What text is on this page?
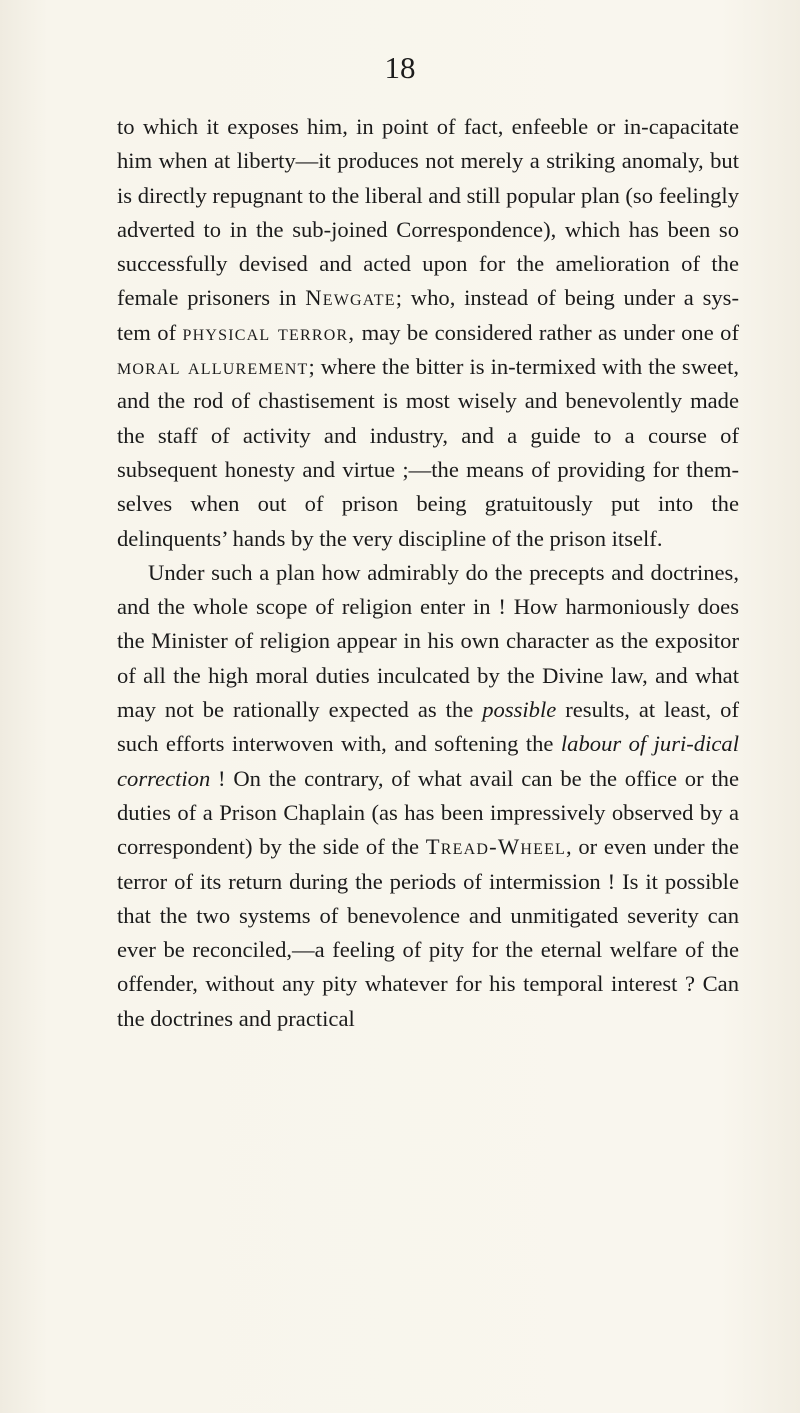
18

to which it exposes him, in point of fact, enfeeble or in-capacitate him when at liberty—it produces not merely a striking anomaly, but is directly repugnant to the liberal and still popular plan (so feelingly adverted to in the sub-joined Correspondence), which has been so successfully devised and acted upon for the amelioration of the female prisoners in Newgate; who, instead of being under a sys-tem of physical terror, may be considered rather as under one of moral allurement; where the bitter is in-termixed with the sweet, and the rod of chastisement is most wisely and benevolently made the staff of activity and industry, and a guide to a course of subsequent honesty and virtue ;—the means of providing for them-selves when out of prison being gratuitously put into the delinquents’ hands by the very discipline of the prison itself.

Under such a plan how admirably do the precepts and doctrines, and the whole scope of religion enter in ! How harmoniously does the Minister of religion appear in his own character as the expositor of all the high moral duties inculcated by the Divine law, and what may not be rationally expected as the possible results, at least, of such efforts interwoven with, and softening the labour of juri-dical correction ! On the contrary, of what avail can be the office or the duties of a Prison Chaplain (as has been impressively observed by a correspondent) by the side of the Tread-Wheel, or even under the terror of its return during the periods of intermission ! Is it possible that the two systems of benevolence and unmitigated severity can ever be reconciled,—a feeling of pity for the eternal welfare of the offender, without any pity whatever for his temporal interest ? Can the doctrines and practical
